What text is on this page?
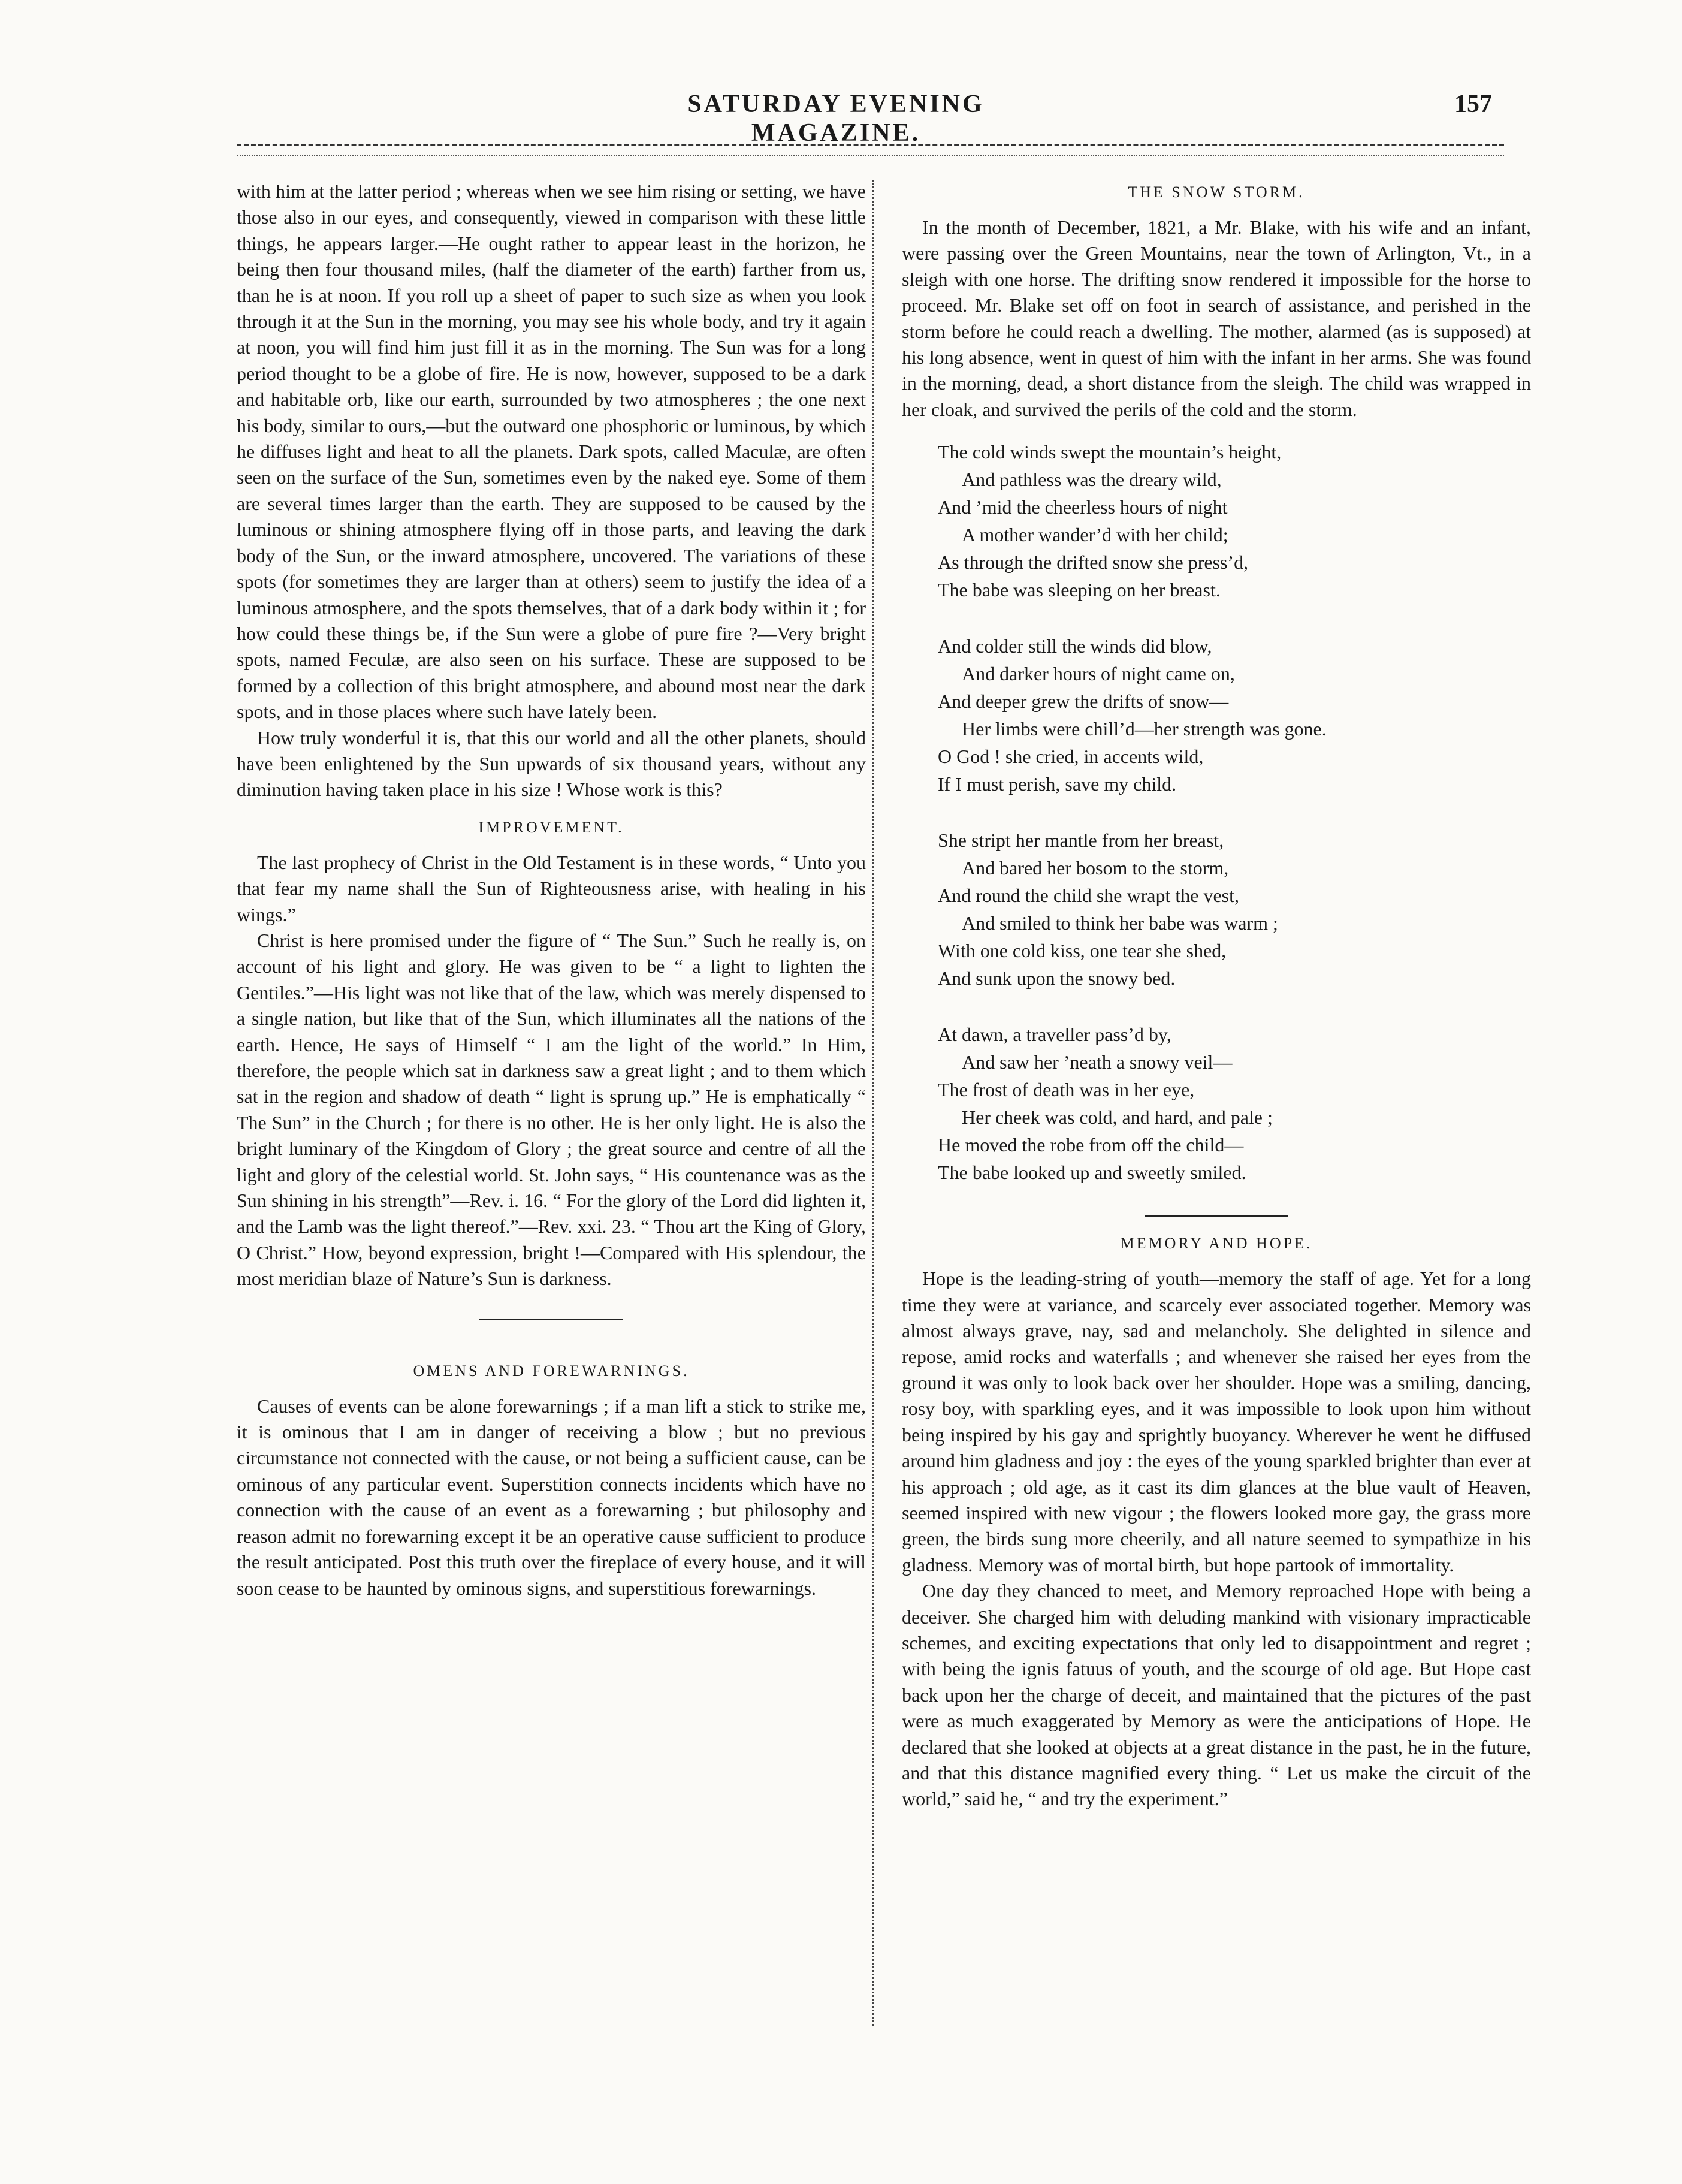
SATURDAY EVENING MAGAZINE.
157

with him at the latter period ; whereas when we see him rising or setting, we have those also in our eyes, and consequently, viewed in comparison with these little things, he appears larger.—He ought rather to appear least in the horizon, he being then four thousand miles, (half the diameter of the earth) farther from us, than he is at noon. If you roll up a sheet of paper to such size as when you look through it at the Sun in the morning, you may see his whole body, and try it again at noon, you will find him just fill it as in the morning. The Sun was for a long period thought to be a globe of fire. He is now, however, supposed to be a dark and habitable orb, like our earth, surrounded by two atmospheres ; the one next his body, similar to ours,—but the outward one phosphoric or luminous, by which he diffuses light and heat to all the planets. Dark spots, called Maculæ, are often seen on the surface of the Sun, sometimes even by the naked eye. Some of them are several times larger than the earth. They are supposed to be caused by the luminous or shining atmosphere flying off in those parts, and leaving the dark body of the Sun, or the inward atmosphere, uncovered. The variations of these spots (for sometimes they are larger than at others) seem to justify the idea of a luminous atmosphere, and the spots themselves, that of a dark body within it ; for how could these things be, if the Sun were a globe of pure fire ?—Very bright spots, named Feculæ, are also seen on his surface. These are supposed to be formed by a collection of this bright atmosphere, and abound most near the dark spots, and in those places where such have lately been.

How truly wonderful it is, that this our world and all the other planets, should have been enlightened by the Sun upwards of six thousand years, without any diminution having taken place in his size ! Whose work is this?

IMPROVEMENT.

The last prophecy of Christ in the Old Testament is in these words, “ Unto you that fear my name shall the Sun of Righteousness arise, with healing in his wings.”

Christ is here promised under the figure of “ The Sun.” Such he really is, on account of his light and glory. He was given to be “ a light to lighten the Gentiles.”—His light was not like that of the law, which was merely dispensed to a single nation, but like that of the Sun, which illuminates all the nations of the earth. Hence, He says of Himself “ I am the light of the world.” In Him, therefore, the people which sat in darkness saw a great light ; and to them which sat in the region and shadow of death “ light is sprung up.” He is emphatically “ The Sun” in the Church ; for there is no other. He is her only light. He is also the bright luminary of the Kingdom of Glory ; the great source and centre of all the light and glory of the celestial world. St. John says, “ His countenance was as the Sun shining in his strength”—Rev. i. 16. “ For the glory of the Lord did lighten it, and the Lamb was the light thereof.”—Rev. xxi. 23. “ Thou art the King of Glory, O Christ.” How, beyond expression, bright !—Compared with His splendour, the most meridian blaze of Nature’s Sun is darkness.

OMENS AND FOREWARNINGS.

Causes of events can be alone forewarnings ; if a man lift a stick to strike me, it is ominous that I am in danger of receiving a blow ; but no previous circumstance not connected with the cause, or not being a sufficient cause, can be ominous of any particular event. Superstition connects incidents which have no connection with the cause of an event as a forewarning ; but philosophy and reason admit no forewarning except it be an operative cause sufficient to produce the result anticipated. Post this truth over the fireplace of every house, and it will soon cease to be haunted by ominous signs, and superstitious forewarnings.

THE SNOW STORM.

In the month of December, 1821, a Mr. Blake, with his wife and an infant, were passing over the Green Mountains, near the town of Arlington, Vt., in a sleigh with one horse. The drifting snow rendered it impossible for the horse to proceed. Mr. Blake set off on foot in search of assistance, and perished in the storm before he could reach a dwelling. The mother, alarmed (as is supposed) at his long absence, went in quest of him with the infant in her arms. She was found in the morning, dead, a short distance from the sleigh. The child was wrapped in her cloak, and survived the perils of the cold and the storm.

The cold winds swept the mountain’s height,
And pathless was the dreary wild,
And ’mid the cheerless hours of night
A mother wander’d with her child;
As through the drifted snow she press’d,
The babe was sleeping on her breast.
And colder still the winds did blow,
And darker hours of night came on,
And deeper grew the drifts of snow—
Her limbs were chill’d—her strength was gone.
O God ! she cried, in accents wild,
If I must perish, save my child.
She stript her mantle from her breast,
And bared her bosom to the storm,
And round the child she wrapt the vest,
And smiled to think her babe was warm ;
With one cold kiss, one tear she shed,
And sunk upon the snowy bed.
At dawn, a traveller pass’d by,
And saw her ’neath a snowy veil—
The frost of death was in her eye,
Her cheek was cold, and hard, and pale ;
He moved the robe from off the child—
The babe looked up and sweetly smiled.
MEMORY AND HOPE.

Hope is the leading-string of youth—memory the staff of age. Yet for a long time they were at variance, and scarcely ever associated together. Memory was almost always grave, nay, sad and melancholy. She delighted in silence and repose, amid rocks and waterfalls ; and whenever she raised her eyes from the ground it was only to look back over her shoulder. Hope was a smiling, dancing, rosy boy, with sparkling eyes, and it was impossible to look upon him without being inspired by his gay and sprightly buoyancy. Wherever he went he diffused around him gladness and joy : the eyes of the young sparkled brighter than ever at his approach ; old age, as it cast its dim glances at the blue vault of Heaven, seemed inspired with new vigour ; the flowers looked more gay, the grass more green, the birds sung more cheerily, and all nature seemed to sympathize in his gladness. Memory was of mortal birth, but hope partook of immortality.

One day they chanced to meet, and Memory reproached Hope with being a deceiver. She charged him with deluding mankind with visionary impracticable schemes, and exciting expectations that only led to disappointment and regret ; with being the ignis fatuus of youth, and the scourge of old age. But Hope cast back upon her the charge of deceit, and maintained that the pictures of the past were as much exaggerated by Memory as were the anticipations of Hope. He declared that she looked at objects at a great distance in the past, he in the future, and that this distance magnified every thing. “ Let us make the circuit of the world,” said he, “ and try the experiment.”
